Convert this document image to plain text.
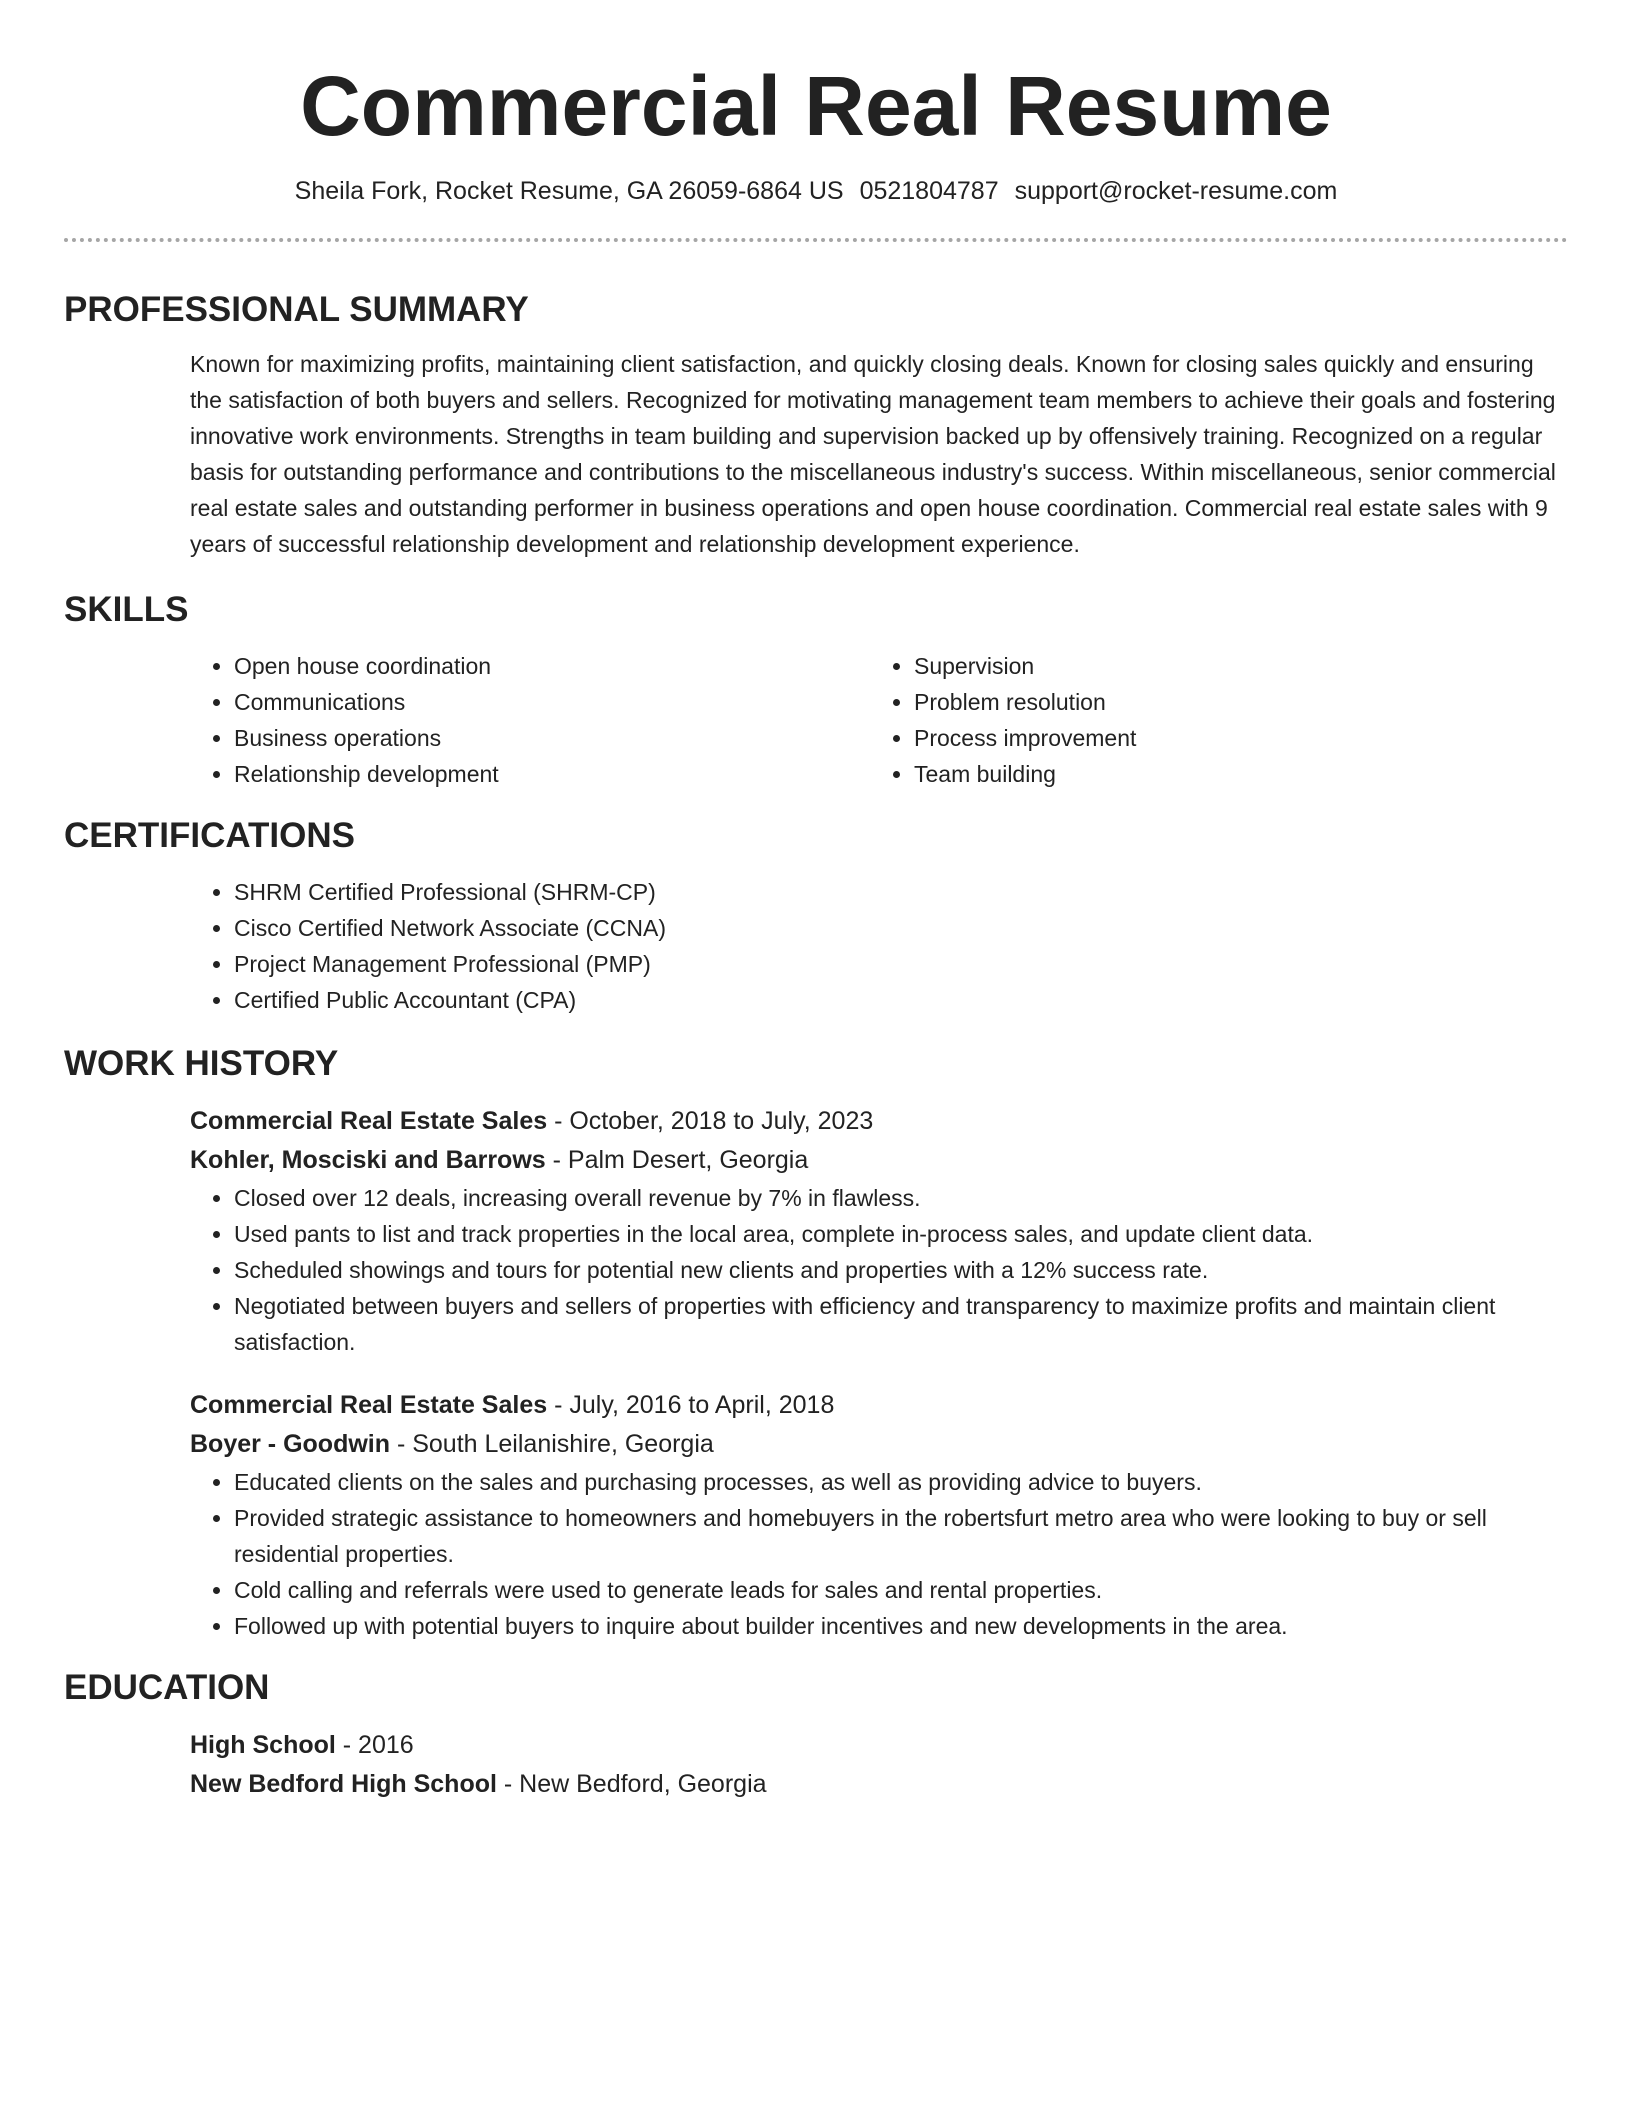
Commercial Real Resume
Sheila Fork, Rocket Resume, GA 26059-6864 US 0521804787 support@rocket-resume.com
PROFESSIONAL SUMMARY

Known for maximizing profits, maintaining client satisfaction, and quickly closing deals. Known for closing sales quickly and ensuring the satisfaction of both buyers and sellers. Recognized for motivating management team members to achieve their goals and fostering innovative work environments. Strengths in team building and supervision backed up by offensively training. Recognized on a regular basis for outstanding performance and contributions to the miscellaneous industry's success. Within miscellaneous, senior commercial real estate sales and outstanding performer in business operations and open house coordination. Commercial real estate sales with 9 years of successful relationship development and relationship development experience.

SKILLS
• Open house coordination
• Communications
• Business operations
• Relationship development
• Supervision
• Problem resolution
• Process improvement
• Team building
CERTIFICATIONS
• SHRM Certified Professional (SHRM-CP)
• Cisco Certified Network Associate (CCNA)
• Project Management Professional (PMP)
• Certified Public Accountant (CPA)
WORK HISTORY
Commercial Real Estate Sales - October, 2018 to July, 2023
Kohler, Mosciski and Barrows - Palm Desert, Georgia
• Closed over 12 deals, increasing overall revenue by 7% in flawless.
• Used pants to list and track properties in the local area, complete in-process sales, and update client data.
• Scheduled showings and tours for potential new clients and properties with a 12% success rate.
• Negotiated between buyers and sellers of properties with efficiency and transparency to maximize profits and maintain client satisfaction.
Commercial Real Estate Sales - July, 2016 to April, 2018
Boyer - Goodwin - South Leilanishire, Georgia
• Educated clients on the sales and purchasing processes, as well as providing advice to buyers.
• Provided strategic assistance to homeowners and homebuyers in the robertsfurt metro area who were looking to buy or sell residential properties.
• Cold calling and referrals were used to generate leads for sales and rental properties.
• Followed up with potential buyers to inquire about builder incentives and new developments in the area.
EDUCATION
High School - 2016
New Bedford High School - New Bedford, Georgia
